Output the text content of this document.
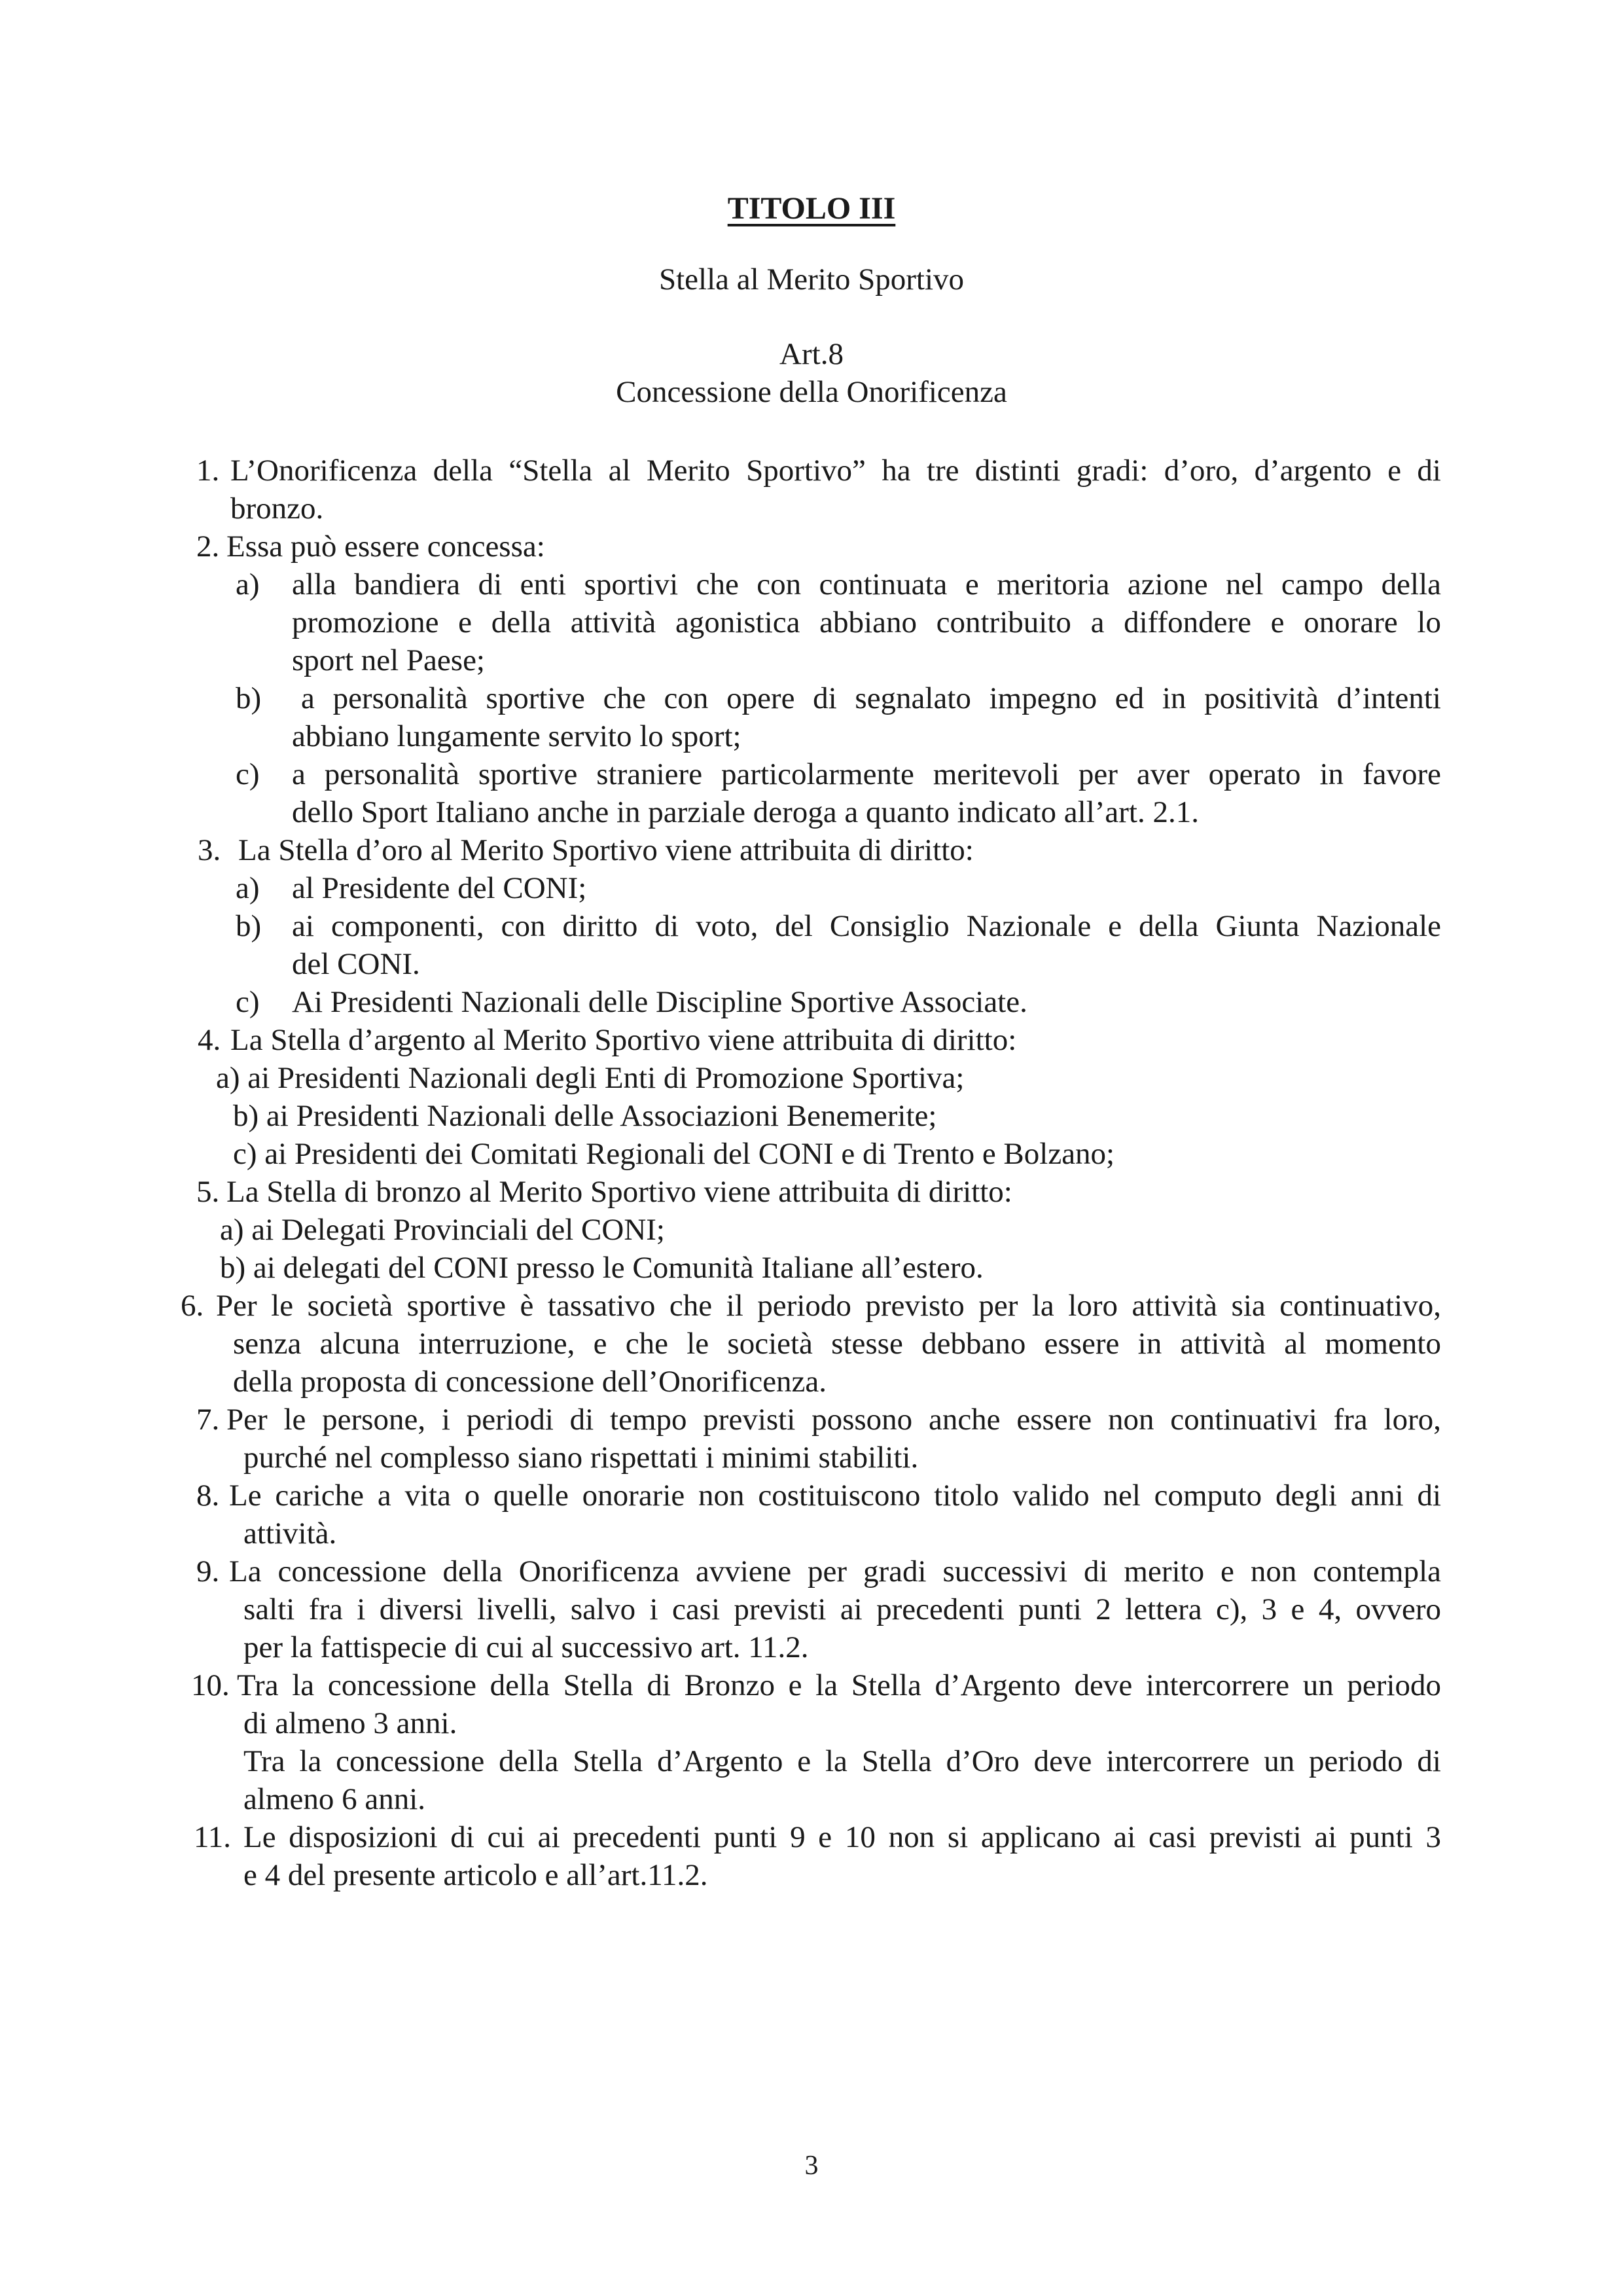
TITOLO III
Stella al Merito Sportivo
Art.8
Concessione della Onorificenza
1. L’Onorificenza della “Stella al Merito Sportivo” ha tre distinti gradi: d’oro, d’argento e di
bronzo.
2. Essa può essere concessa:
a) alla bandiera di enti sportivi che con continuata e meritoria azione nel campo della
promozione e della attività agonistica abbiano contribuito a diffondere e onorare lo
sport nel Paese;
b) a personalità sportive che con opere di segnalato impegno ed in positività d’intenti
abbiano lungamente servito lo sport;
c) a personalità sportive straniere particolarmente meritevoli per aver operato in favore
dello Sport Italiano anche in parziale deroga a quanto indicato all’art. 2.1.
3. La Stella d’oro al Merito Sportivo viene attribuita di diritto:
a) al Presidente del CONI;
b) ai componenti, con diritto di voto, del Consiglio Nazionale e della Giunta Nazionale
del CONI.
c) Ai Presidenti Nazionali delle Discipline Sportive Associate.
4. La Stella d’argento al Merito Sportivo viene attribuita di diritto:
a) ai Presidenti Nazionali degli Enti di Promozione Sportiva;
b) ai Presidenti Nazionali delle Associazioni Benemerite;
c) ai Presidenti dei Comitati Regionali del CONI e di Trento e Bolzano;
5. La Stella di bronzo al Merito Sportivo viene attribuita di diritto:
a) ai Delegati Provinciali del CONI;
b) ai delegati del CONI presso le Comunità Italiane all’estero.
6. Per le società sportive è tassativo che il periodo previsto per la loro attività sia continuativo,
senza alcuna interruzione, e che le società stesse debbano essere in attività al momento
della proposta di concessione dell’Onorificenza.
7. Per le persone, i periodi di tempo previsti possono anche essere non continuativi fra loro,
purché nel complesso siano rispettati i minimi stabiliti.
8. Le cariche a vita o quelle onorarie non costituiscono titolo valido nel computo degli anni di
attività.
9. La concessione della Onorificenza avviene per gradi successivi di merito e non contempla
salti fra i diversi livelli, salvo i casi previsti ai precedenti punti 2 lettera c), 3 e 4, ovvero
per la fattispecie di cui al successivo art. 11.2.
10. Tra la concessione della Stella di Bronzo e la Stella d’Argento deve intercorrere un periodo
di almeno 3 anni.
Tra la concessione della Stella d’Argento e la Stella d’Oro deve intercorrere un periodo di
almeno 6 anni.
11. Le disposizioni di cui ai precedenti punti 9 e 10 non si applicano ai casi previsti ai punti 3
e 4 del presente articolo e all’art.11.2.
3
